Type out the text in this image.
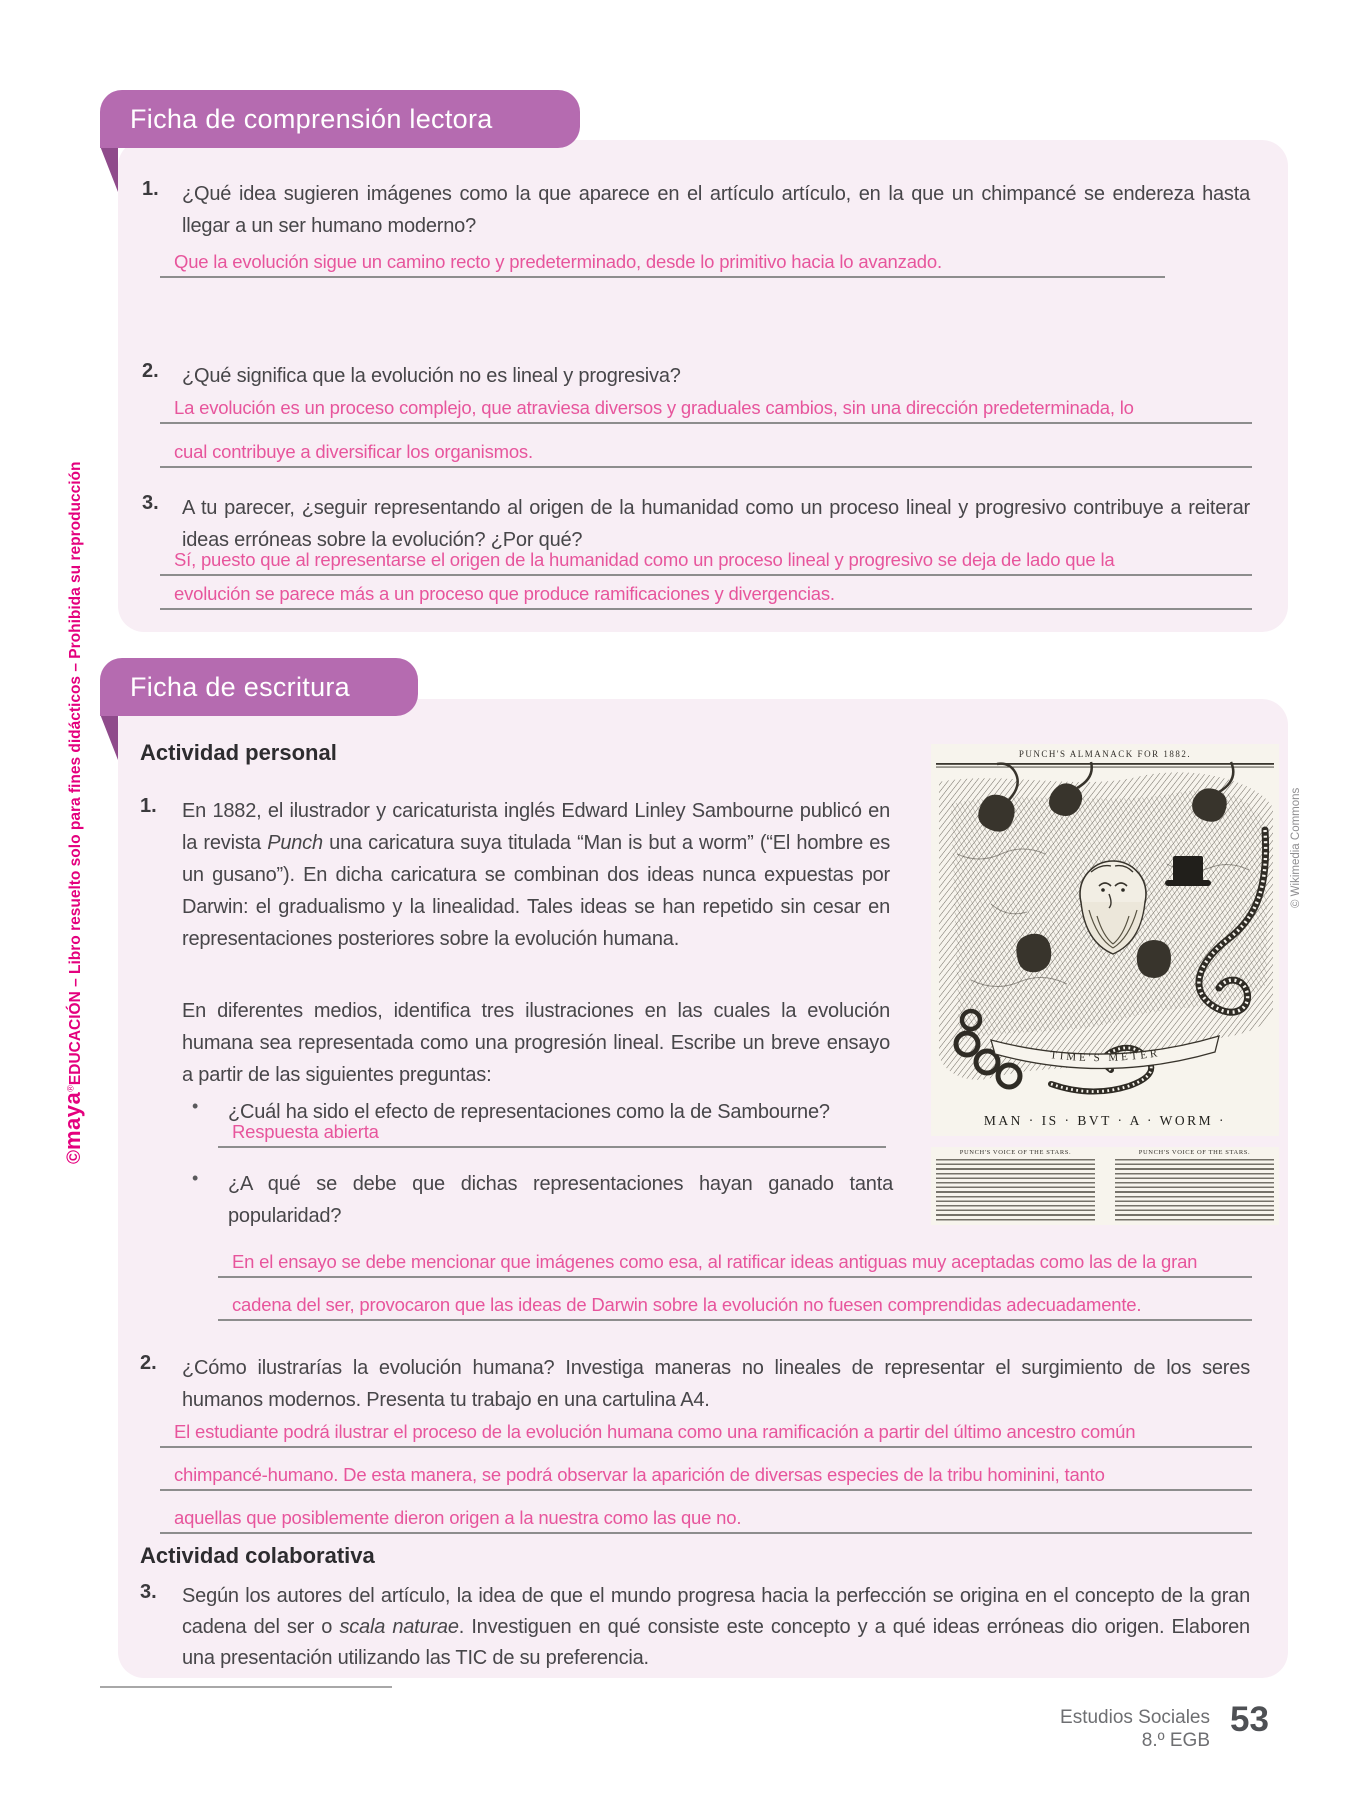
©maya®EDUCACIÓN – Libro resuelto solo para fines didácticos – Prohibida su reproducción
Ficha de comprensión lectora
1. ¿Qué idea sugieren imágenes como la que aparece en el artículo artículo, en la que un chimpancé se endereza hasta llegar a un ser humano moderno?
Que la evolución sigue un camino recto y predeterminado, desde lo primitivo hacia lo avanzado.
2. ¿Qué significa que la evolución no es lineal y progresiva?
La evolución es un proceso complejo, que atraviesa diversos y graduales cambios, sin una dirección predeterminada, lo
cual contribuye a diversificar los organismos.
3. A tu parecer, ¿seguir representando al origen de la humanidad como un proceso lineal y progresivo contribuye a reiterar ideas erróneas sobre la evolución? ¿Por qué?
Sí, puesto que al representarse el origen de la humanidad como un proceso lineal y progresivo se deja de lado que la
evolución se parece más a un proceso que produce ramificaciones y divergencias.
Ficha de escritura
Actividad personal
1. En 1882, el ilustrador y caricaturista inglés Edward Linley Sambourne publicó en la revista Punch una caricatura suya titulada “Man is but a worm” (“El hombre es un gusano”). En dicha caricatura se combinan dos ideas nunca expuestas por Darwin: el gradualismo y la linealidad. Tales ideas se han repetido sin cesar en representaciones posteriores sobre la evolución humana.
En diferentes medios, identifica tres ilustraciones en las cuales la evolución humana sea representada como una progresión lineal. Escribe un breve ensayo a partir de las siguientes preguntas:
• ¿Cuál ha sido el efecto de representaciones como la de Sambourne?
Respuesta abierta
• ¿A qué se debe que dichas representaciones hayan ganado tanta popularidad?
En el ensayo se debe mencionar que imágenes como esa, al ratificar ideas antiguas muy aceptadas como las de la gran
cadena del ser, provocaron que las ideas de Darwin sobre la evolución no fuesen comprendidas adecuadamente.
2. ¿Cómo ilustrarías la evolución humana? Investiga maneras no lineales de representar el surgimiento de los seres humanos modernos. Presenta tu trabajo en una cartulina A4.
El estudiante podrá ilustrar el proceso de la evolución humana como una ramificación a partir del último ancestro común
chimpancé-humano. De esta manera, se podrá observar la aparición de diversas especies de la tribu hominini, tanto
aquellas que posiblemente dieron origen a la nuestra como las que no.
Actividad colaborativa
3. Según los autores del artículo, la idea de que el mundo progresa hacia la perfección se origina en el concepto de la gran cadena del ser o scala naturae. Investiguen en qué consiste este concepto y a qué ideas erróneas dio origen. Elaboren una presentación utilizando las TIC de su preferencia.
PUNCH'S ALMANACK FOR 1882.
TIME'S METER
MAN · IS · BVT · A · WORM ·
PUNCH'S VOICE OF THE STARS.	PUNCH'S VOICE OF THE STARS.
© Wikimedia Commons
Estudios Sociales
8.º EGB
53
